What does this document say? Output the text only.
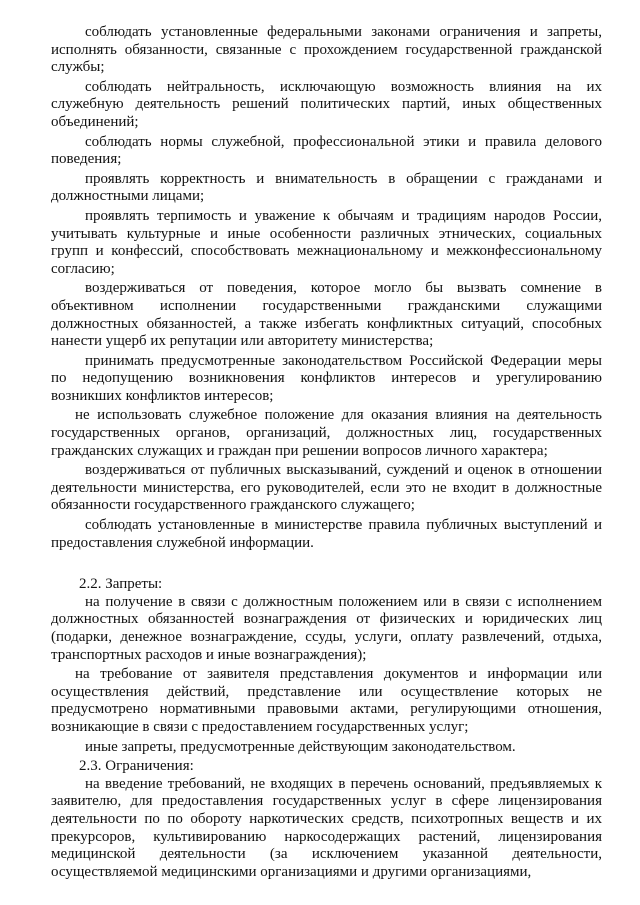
соблюдать установленные федеральными законами ограничения и запреты, исполнять обязанности, связанные с прохождением государственной гражданской службы;

соблюдать нейтральность, исключающую возможность влияния на их служебную деятельность решений политических партий, иных общественных объединений;

соблюдать нормы служебной, профессиональной этики и правила делового поведения;

проявлять корректность и внимательность в обращении с гражданами и должностными лицами;

проявлять терпимость и уважение к обычаям и традициям народов России, учитывать культурные и иные особенности различных этнических, социальных групп и конфессий, способствовать межнациональному и межконфессиональному согласию;

воздерживаться от поведения, которое могло бы вызвать сомнение в объективном исполнении государственными гражданскими служащими должностных обязанностей, а также избегать конфликтных ситуаций, способных нанести ущерб их репутации или авторитету министерства;

принимать предусмотренные законодательством Российской Федерации меры по недопущению возникновения конфликтов интересов и урегулированию возникших конфликтов интересов;

не использовать служебное положение для оказания влияния на деятельность государственных органов, организаций, должностных лиц, государственных гражданских служащих и граждан при решении вопросов личного характера;

воздерживаться от публичных высказываний, суждений и оценок в отношении деятельности министерства, его руководителей, если это не входит в должностные обязанности государственного гражданского служащего;

соблюдать установленные в министерстве правила публичных выступлений и предоставления служебной информации.

2.2. Запреты:

на получение в связи с должностным положением или в связи с исполнением должностных обязанностей вознаграждения от физических и юридических лиц (подарки, денежное вознаграждение, ссуды, услуги, оплату развлечений, отдыха, транспортных расходов и иные вознаграждения);

на требование от заявителя представления документов и информации или осуществления действий, представление или осуществление которых не предусмотрено нормативными правовыми актами, регулирующими отношения, возникающие в связи с предоставлением государственных услуг;

иные запреты, предусмотренные действующим законодательством.

2.3. Ограничения:

на введение требований, не входящих в перечень оснований, предъявляемых к заявителю, для предоставления государственных услуг в сфере лицензирования деятельности по по обороту наркотических средств, психотропных веществ и их прекурсоров, культивированию наркосодержащих растений, лицензирования медицинской деятельности (за исключением указанной деятельности, осуществляемой медицинскими организациями и другими организациями,
